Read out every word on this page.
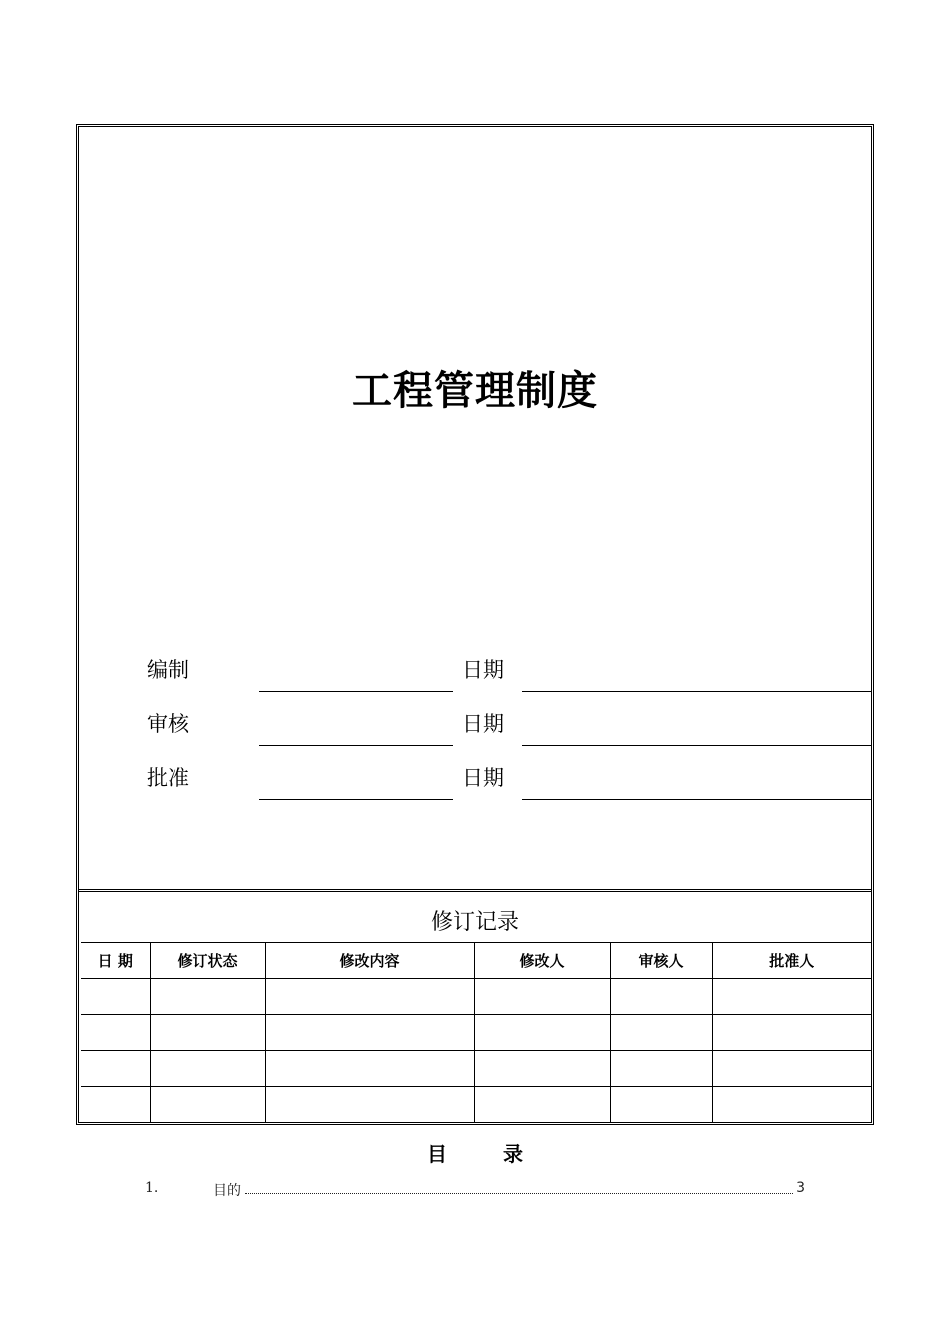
工程管理制度
编制	日期
审核	日期
批准	日期
修订记录
日 期	修订状态	修改内容	修改人	审核人	批准人

目	录
1.	目的	3
